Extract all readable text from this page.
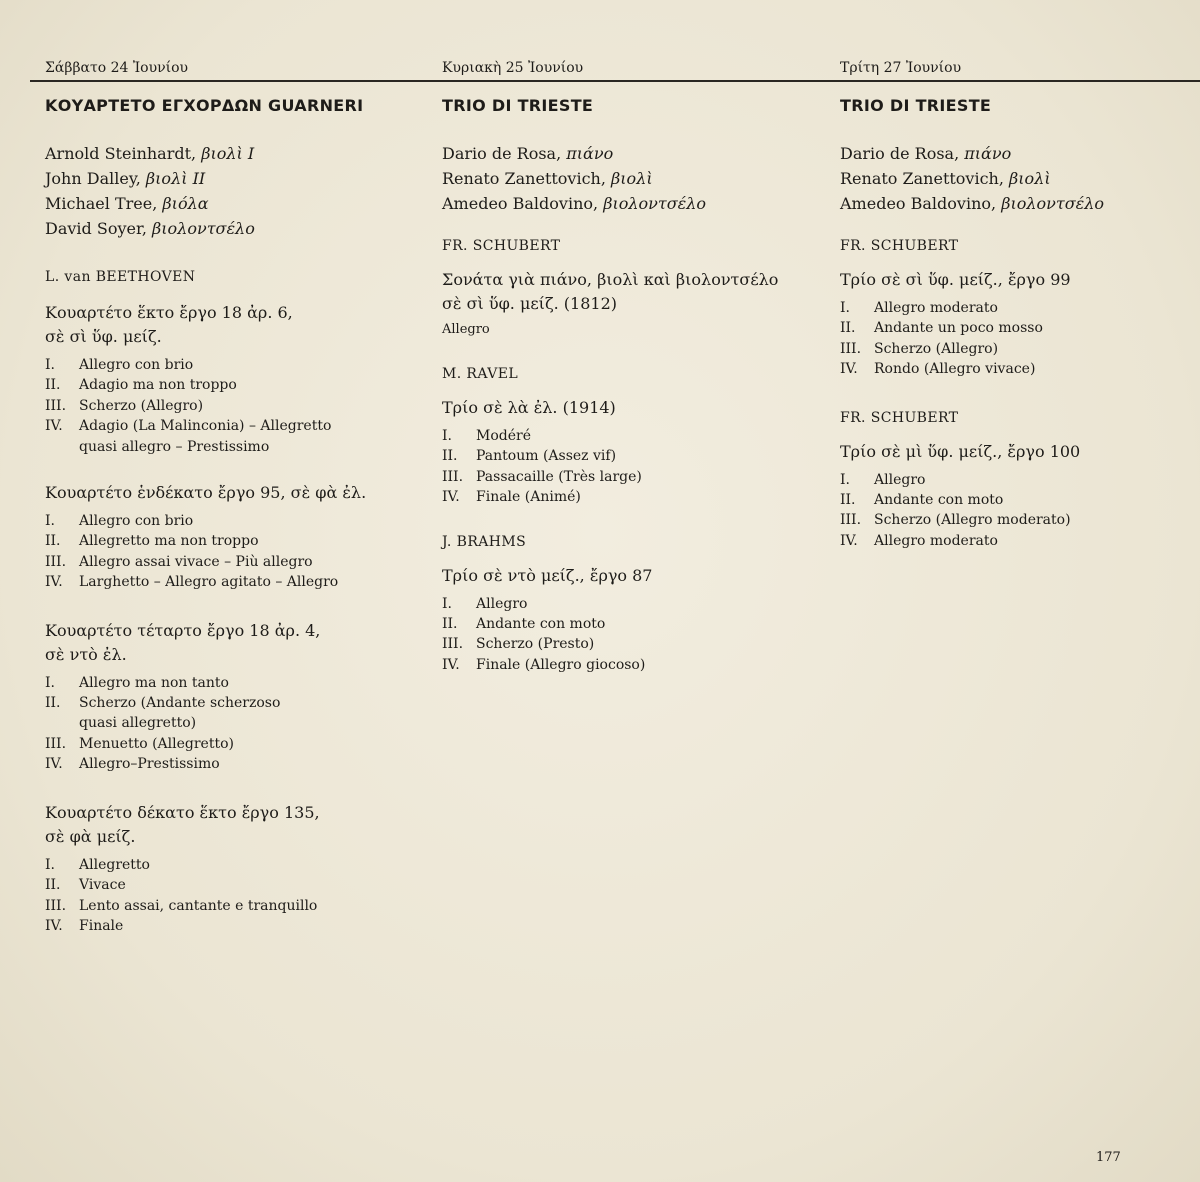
Σάββατο 24 Ἰουνίου
ΚΟΥΑΡΤΕΤΟ ΕΓΧΟΡΔΩΝ GUARNERI
Arnold Steinhardt, βιολὶ I
John Dalley, βιολὶ II
Michael Tree, βιόλα
David Soyer, βιολοντσέλο
L. van BEETHOVEN
Κουαρτέτο ἕκτο ἔργο 18 ἀρ. 6,
σὲ σὶ ὕφ. μείζ.
I.	Allegro con brio
II.	Adagio ma non troppo
III. Scherzo (Allegro)
IV.	Adagio (La Malinconia) – Allegretto
quasi allegro – Prestissimo
Κουαρτέτο ἑνδέκατο ἔργο 95, σὲ φὰ ἐλ.
I.	Allegro con brio
II.	Allegretto ma non troppo
III. Allegro assai vivace – Più allegro
IV.	Larghetto – Allegro agitato – Allegro
Κουαρτέτο τέταρτο ἔργο 18 ἀρ. 4,
σὲ ντὸ ἐλ.
I.	Allegro ma non tanto
II.	Scherzo (Andante scherzoso
quasi allegretto)
III. Menuetto (Allegretto)
IV.	Allegro–Prestissimo
Κουαρτέτο δέκατο ἕκτο ἔργο 135,
σὲ φὰ μείζ.
I.	Allegretto
II.	Vivace
III. Lento assai, cantante e tranquillo
IV.	Finale
Κυριακὴ 25 Ἰουνίου
TRIO DI TRIESTE
Dario de Rosa, πιάνο
Renato Zanettovich, βιολὶ
Amedeo Baldovino, βιολοντσέλο
FR. SCHUBERT
Σονάτα γιὰ πιάνο, βιολὶ καὶ βιολοντσέλο
σὲ σὶ ὕφ. μείζ. (1812)
Allegro
M. RAVEL
Τρίο σὲ λὰ ἐλ. (1914)
I.	Modéré
II.	Pantoum (Assez vif)
III. Passacaille (Très large)
IV.	Finale (Animé)
J. BRAHMS
Τρίο σὲ ντὸ μείζ., ἔργο 87
I.	Allegro
II.	Andante con moto
III. Scherzo (Presto)
IV.	Finale (Allegro giocoso)
Τρίτη 27 Ἰουνίου
TRIO DI TRIESTE
Dario de Rosa, πιάνο
Renato Zanettovich, βιολὶ
Amedeo Baldovino, βιολοντσέλο
FR. SCHUBERT
Τρίο σὲ σὶ ὕφ. μείζ., ἔργο 99
I.	Allegro moderato
II.	Andante un poco mosso
III. Scherzo (Allegro)
IV.	Rondo (Allegro vivace)
FR. SCHUBERT
Τρίο σὲ μὶ ὕφ. μείζ., ἔργο 100
I.	Allegro
II.	Andante con moto
III. Scherzo (Allegro moderato)
IV.	Allegro moderato
177
